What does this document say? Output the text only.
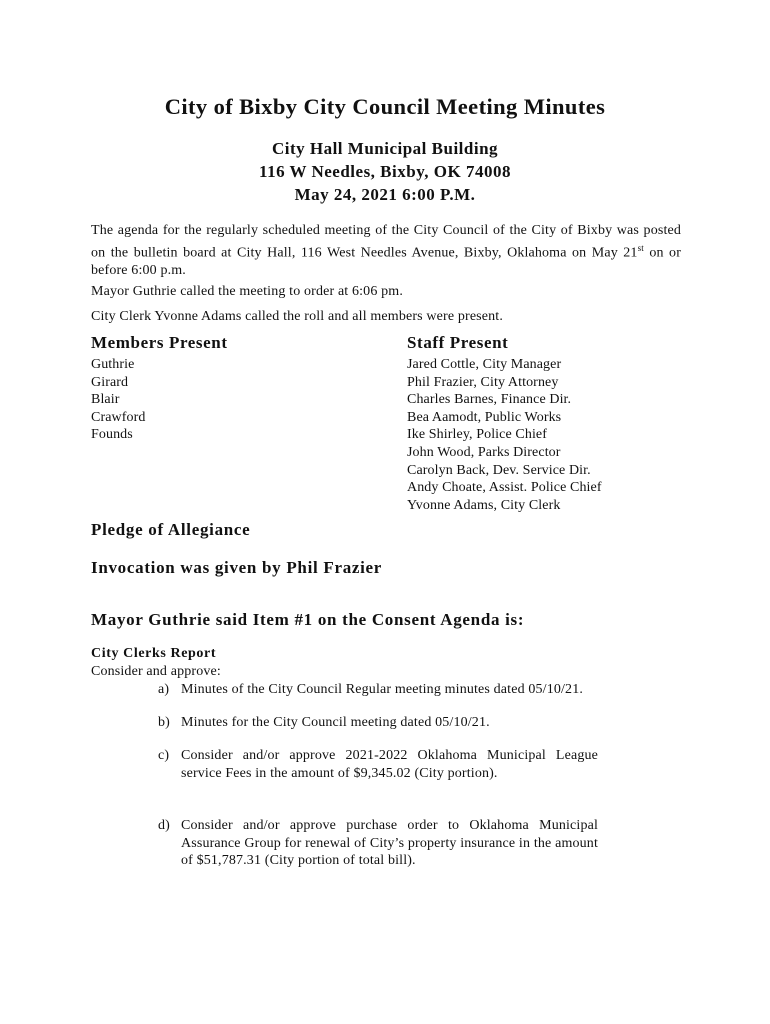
City of Bixby City Council Meeting Minutes
City Hall Municipal Building
116 W Needles, Bixby, OK 74008
May 24, 2021 6:00 P.M.
The agenda for the regularly scheduled meeting of the City Council of the City of Bixby was posted on the bulletin board at City Hall, 116 West Needles Avenue, Bixby, Oklahoma on May 21st on or before 6:00 p.m.
Mayor Guthrie called the meeting to order at 6:06 pm.
City Clerk Yvonne Adams called the roll and all members were present.
Members Present
Guthrie
Girard
Blair
Crawford
Founds
Staff Present
Jared Cottle, City Manager
Phil Frazier, City Attorney
Charles Barnes, Finance Dir.
Bea Aamodt, Public Works
Ike Shirley, Police Chief
John Wood, Parks Director
Carolyn Back, Dev. Service Dir.
Andy Choate, Assist. Police Chief
Yvonne Adams, City Clerk
Pledge of Allegiance
Invocation was given by Phil Frazier
Mayor Guthrie said Item #1 on the Consent Agenda is:
City Clerks Report
Consider and approve:
a) Minutes of the City Council Regular meeting minutes dated 05/10/21.
b) Minutes for the City Council meeting dated 05/10/21.
c) Consider and/or approve 2021-2022 Oklahoma Municipal League service Fees in the amount of $9,345.02 (City portion).
d) Consider and/or approve purchase order to Oklahoma Municipal Assurance Group for renewal of City’s property insurance in the amount of $51,787.31 (City portion of total bill).
